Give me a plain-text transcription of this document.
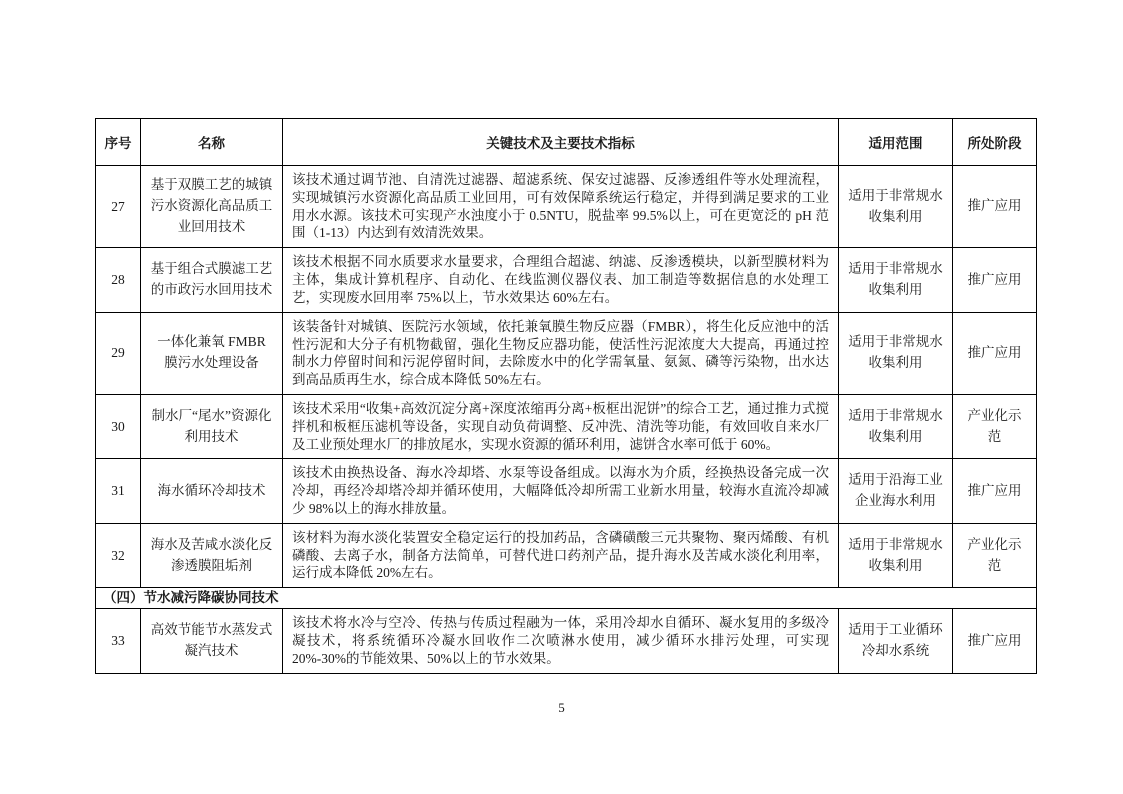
序号	名称	关键技术及主要技术指标	适用范围	所处阶段
27	基于双膜工艺的城镇污水资源化高品质工业回用技术	该技术通过调节池、自清洗过滤器、超滤系统、保安过滤器、反渗透组件等水处理流程，实现城镇污水资源化高品质工业回用，可有效保障系统运行稳定，并得到满足要求的工业用水水源。该技术可实现产水浊度小于 0.5NTU，脱盐率 99.5%以上，可在更宽泛的 pH 范围（1-13）内达到有效清洗效果。	适用于非常规水收集利用	推广应用
28	基于组合式膜滤工艺的市政污水回用技术	该技术根据不同水质要求水量要求，合理组合超滤、纳滤、反渗透模块，以新型膜材料为主体，集成计算机程序、自动化、在线监测仪器仪表、加工制造等数据信息的水处理工艺，实现废水回用率 75%以上，节水效果达 60%左右。	适用于非常规水收集利用	推广应用
29	一体化兼氧 FMBR 膜污水处理设备	该装备针对城镇、医院污水领域，依托兼氧膜生物反应器（FMBR），将生化反应池中的活性污泥和大分子有机物截留，强化生物反应器功能，使活性污泥浓度大大提高，再通过控制水力停留时间和污泥停留时间，去除废水中的化学需氧量、氨氮、磷等污染物，出水达到高品质再生水，综合成本降低 50%左右。	适用于非常规水收集利用	推广应用
30	制水厂“尾水”资源化利用技术	该技术采用“收集+高效沉淀分离+深度浓缩再分离+板框出泥饼”的综合工艺，通过推力式搅拌机和板框压滤机等设备，实现自动负荷调整、反冲洗、清洗等功能，有效回收自来水厂及工业预处理水厂的排放尾水，实现水资源的循环利用，滤饼含水率可低于 60%。	适用于非常规水收集利用	产业化示范
31	海水循环冷却技术	该技术由换热设备、海水冷却塔、水泵等设备组成。以海水为介质，经换热设备完成一次冷却，再经冷却塔冷却并循环使用，大幅降低冷却所需工业新水用量，较海水直流冷却减少 98%以上的海水排放量。	适用于沿海工业企业海水利用	推广应用
32	海水及苦咸水淡化反渗透膜阻垢剂	该材料为海水淡化装置安全稳定运行的投加药品，含磷磺酸三元共聚物、聚丙烯酸、有机磷酸、去离子水，制备方法简单，可替代进口药剂产品，提升海水及苦咸水淡化利用率，运行成本降低 20%左右。	适用于非常规水收集利用	产业化示范
（四）节水减污降碳协同技术				
33	高效节能节水蒸发式凝汽技术	该技术将水冷与空冷、传热与传质过程融为一体，采用冷却水自循环、凝水复用的多级冷凝技术，将系统循环冷凝水回收作二次喷淋水使用，减少循环水排污处理，可实现 20%-30%的节能效果、50%以上的节水效果。	适用于工业循环冷却水系统	推广应用
5
